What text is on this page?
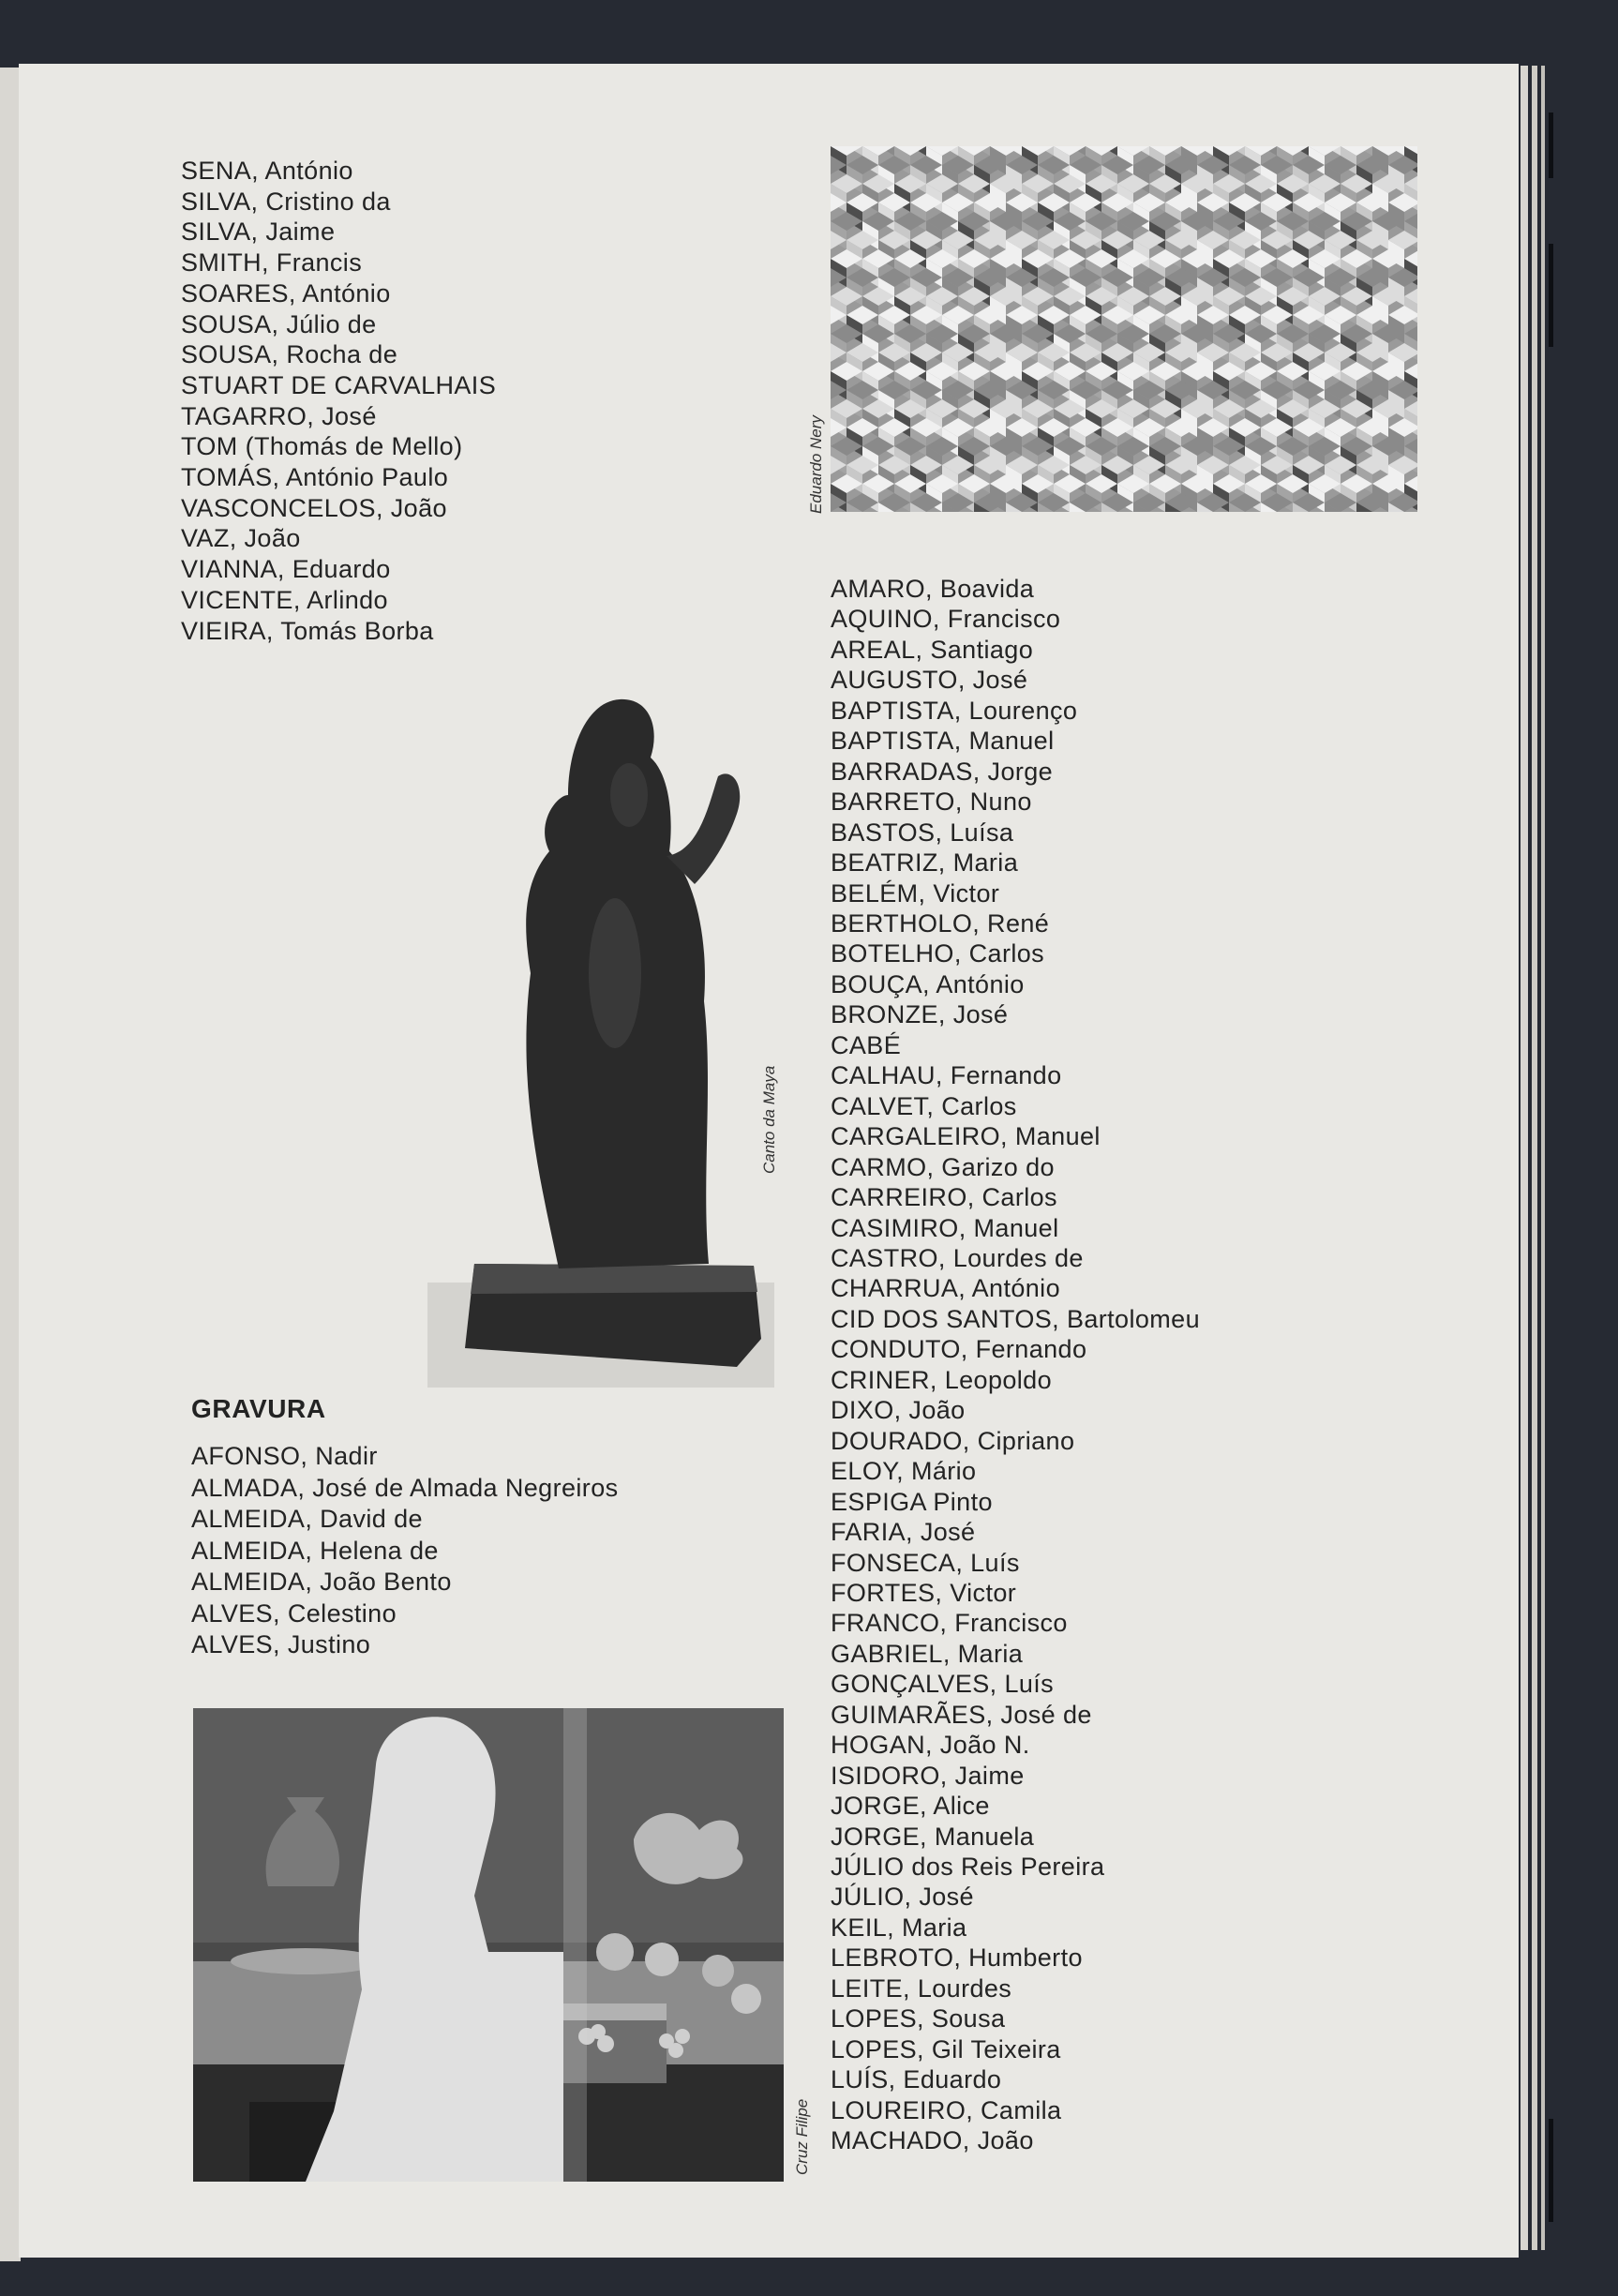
SENA, António
SILVA, Cristino da
SILVA, Jaime
SMITH, Francis
SOARES, António
SOUSA, Júlio de
SOUSA, Rocha de
STUART DE CARVALHAIS
TAGARRO, José
TOM (Thomás de Mello)
TOMÁS, António Paulo
VASCONCELOS, João
VAZ, João
VIANNA, Eduardo
VICENTE, Arlindo
VIEIRA, Tomás Borba
Eduardo Nery
Canto da Maya
GRAVURA
AFONSO, Nadir
ALMADA, José de Almada Negreiros
ALMEIDA, David de
ALMEIDA, Helena de
ALMEIDA, João Bento
ALVES, Celestino
ALVES, Justino
Cruz Filipe
AMARO, Boavida
AQUINO, Francisco
AREAL, Santiago
AUGUSTO, José
BAPTISTA, Lourenço
BAPTISTA, Manuel
BARRADAS, Jorge
BARRETO, Nuno
BASTOS, Luísa
BEATRIZ, Maria
BELÉM, Victor
BERTHOLO, René
BOTELHO, Carlos
BOUÇA, António
BRONZE, José
CABÉ
CALHAU, Fernando
CALVET, Carlos
CARGALEIRO, Manuel
CARMO, Garizo do
CARREIRO, Carlos
CASIMIRO, Manuel
CASTRO, Lourdes de
CHARRUA, António
CID DOS SANTOS, Bartolomeu
CONDUTO, Fernando
CRINER, Leopoldo
DIXO, João
DOURADO, Cipriano
ELOY, Mário
ESPIGA Pinto
FARIA, José
FONSECA, Luís
FORTES, Victor
FRANCO, Francisco
GABRIEL, Maria
GONÇALVES, Luís
GUIMARÃES, José de
HOGAN, João N.
ISIDORO, Jaime
JORGE, Alice
JORGE, Manuela
JÚLIO dos Reis Pereira
JÚLIO, José
KEIL, Maria
LEBROTO, Humberto
LEITE, Lourdes
LOPES, Sousa
LOPES, Gil Teixeira
LUÍS, Eduardo
LOUREIRO, Camila
MACHADO, João
